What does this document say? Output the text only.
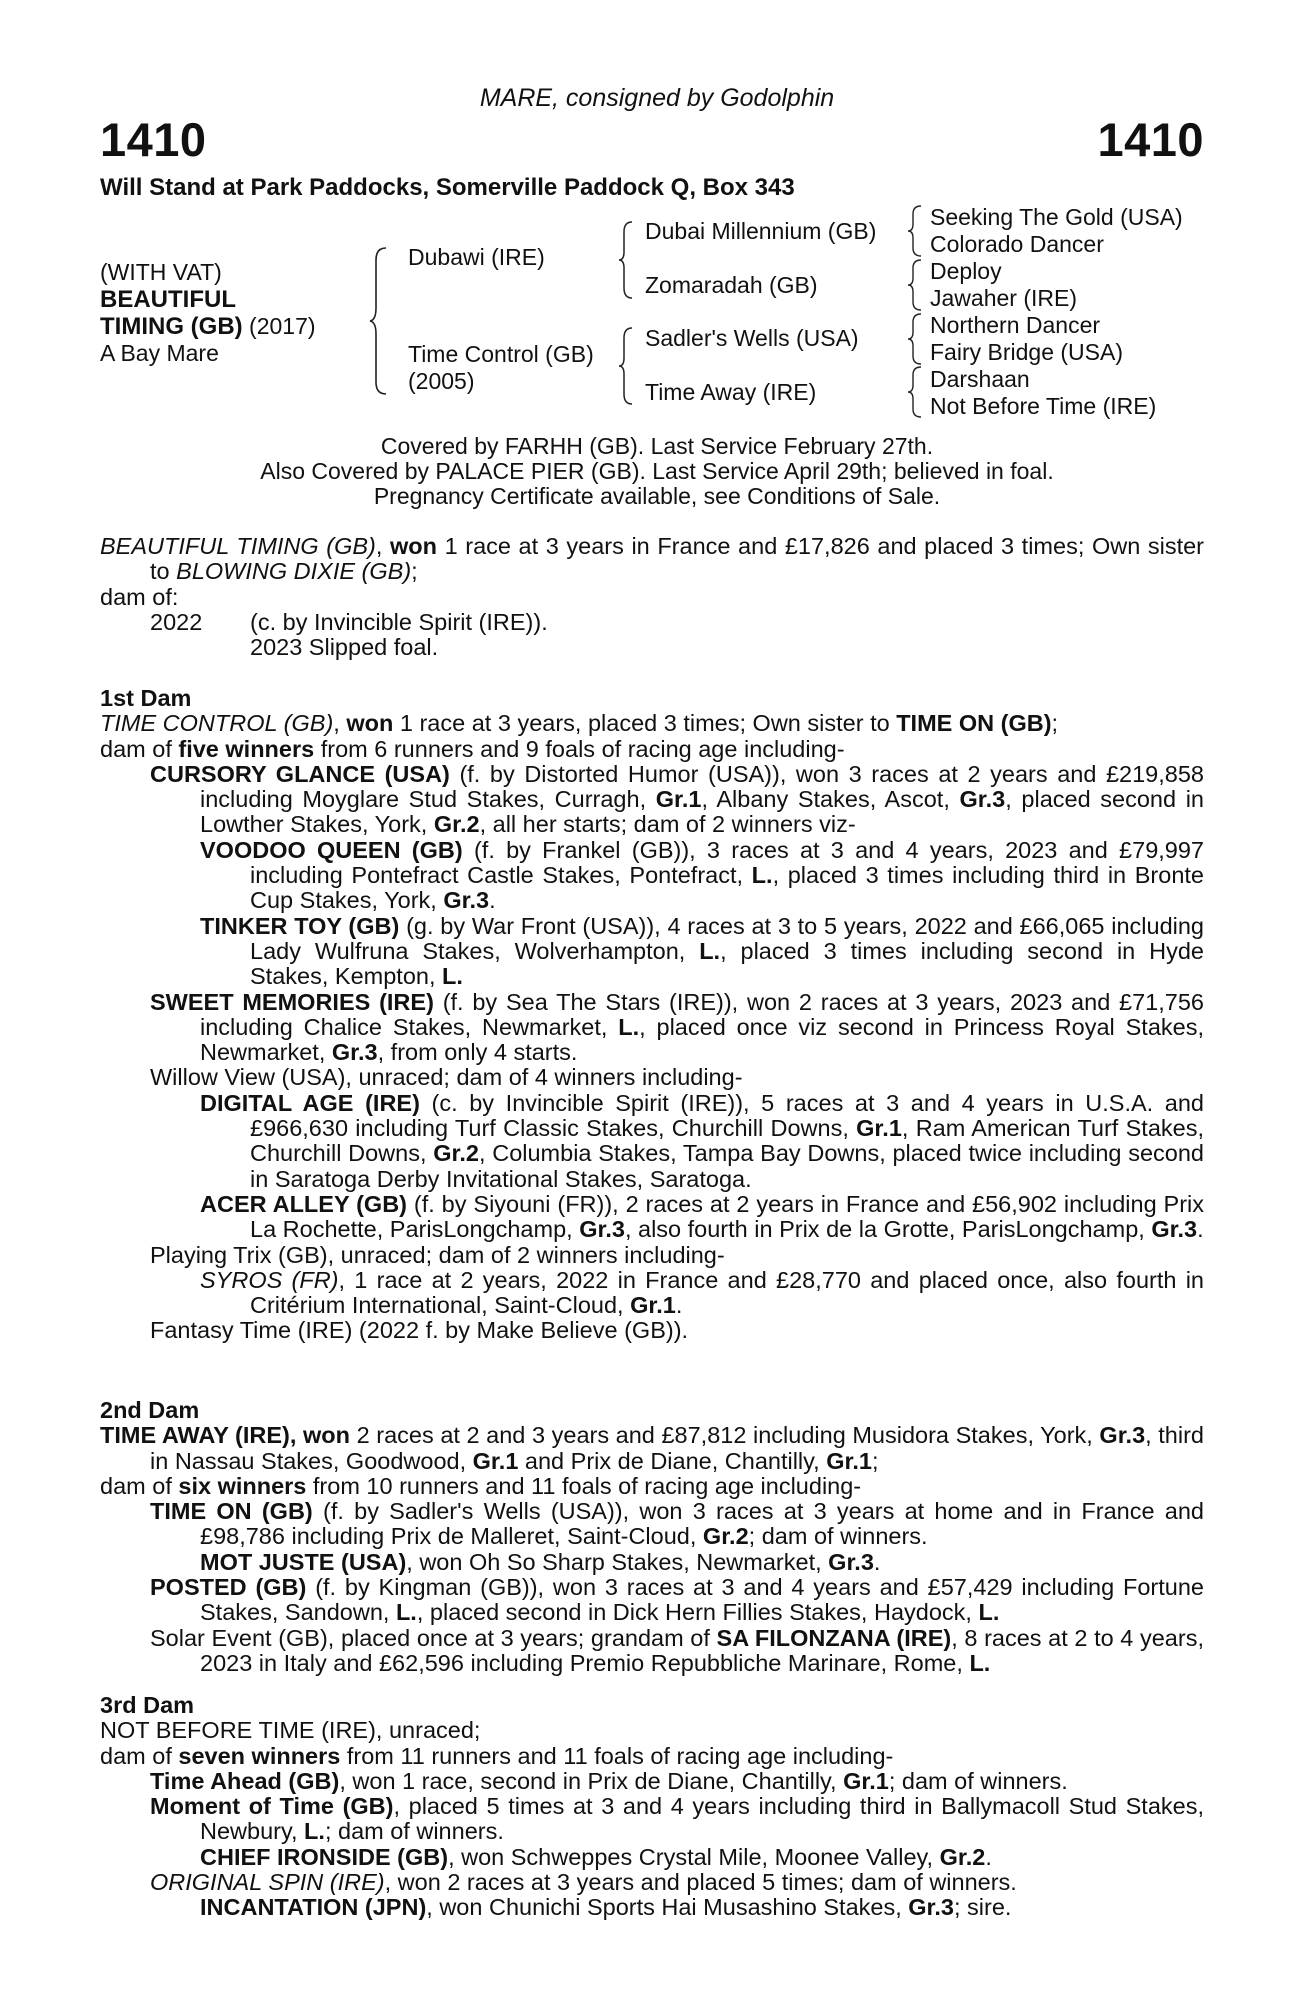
MARE, consigned by Godolphin
1410	1410
Will Stand at Park Paddocks, Somerville Paddock Q, Box 343
(WITH VAT)
BEAUTIFUL
TIMING (GB) (2017)
A Bay Mare
Dubawi (IRE)
Time Control (GB)
(2005)
Dubai Millennium (GB)
Zomaradah (GB)
Sadler's Wells (USA)
Time Away (IRE)
Seeking The Gold (USA)
Colorado Dancer
Deploy
Jawaher (IRE)
Northern Dancer
Fairy Bridge (USA)
Darshaan
Not Before Time (IRE)
Covered by FARHH (GB). Last Service February 27th.
Also Covered by PALACE PIER (GB). Last Service April 29th; believed in foal.
Pregnancy Certificate available, see Conditions of Sale.

BEAUTIFUL TIMING (GB), won 1 race at 3 years in France and £17,826 and placed 3 times; Own sister to BLOWING DIXIE (GB);

dam of:

2022	(c. by Invincible Spirit (IRE)).

2023 Slipped foal.

1st Dam

TIME CONTROL (GB), won 1 race at 3 years, placed 3 times; Own sister to TIME ON (GB);

dam of five winners from 6 runners and 9 foals of racing age including-

CURSORY GLANCE (USA) (f. by Distorted Humor (USA)), won 3 races at 2 years and £219,858 including Moyglare Stud Stakes, Curragh, Gr.1, Albany Stakes, Ascot, Gr.3, placed second in Lowther Stakes, York, Gr.2, all her starts; dam of 2 winners viz-

VOODOO QUEEN (GB) (f. by Frankel (GB)), 3 races at 3 and 4 years, 2023 and £79,997 including Pontefract Castle Stakes, Pontefract, L., placed 3 times including third in Bronte Cup Stakes, York, Gr.3.

TINKER TOY (GB) (g. by War Front (USA)), 4 races at 3 to 5 years, 2022 and £66,065 including Lady Wulfruna Stakes, Wolverhampton, L., placed 3 times including second in Hyde Stakes, Kempton, L.

SWEET MEMORIES (IRE) (f. by Sea The Stars (IRE)), won 2 races at 3 years, 2023 and £71,756 including Chalice Stakes, Newmarket, L., placed once viz second in Princess Royal Stakes, Newmarket, Gr.3, from only 4 starts.

Willow View (USA), unraced; dam of 4 winners including-

DIGITAL AGE (IRE) (c. by Invincible Spirit (IRE)), 5 races at 3 and 4 years in U.S.A. and £966,630 including Turf Classic Stakes, Churchill Downs, Gr.1, Ram American Turf Stakes, Churchill Downs, Gr.2, Columbia Stakes, Tampa Bay Downs, placed twice including second in Saratoga Derby Invitational Stakes, Saratoga.

ACER ALLEY (GB) (f. by Siyouni (FR)), 2 races at 2 years in France and £56,902 including Prix La Rochette, ParisLongchamp, Gr.3, also fourth in Prix de la Grotte, ParisLongchamp, Gr.3.

Playing Trix (GB), unraced; dam of 2 winners including-

SYROS (FR), 1 race at 2 years, 2022 in France and £28,770 and placed once, also fourth in Critérium International, Saint-Cloud, Gr.1.

Fantasy Time (IRE) (2022 f. by Make Believe (GB)).

2nd Dam

TIME AWAY (IRE), won 2 races at 2 and 3 years and £87,812 including Musidora Stakes, York, Gr.3, third in Nassau Stakes, Goodwood, Gr.1 and Prix de Diane, Chantilly, Gr.1;

dam of six winners from 10 runners and 11 foals of racing age including-

TIME ON (GB) (f. by Sadler's Wells (USA)), won 3 races at 3 years at home and in France and £98,786 including Prix de Malleret, Saint-Cloud, Gr.2; dam of winners.

MOT JUSTE (USA), won Oh So Sharp Stakes, Newmarket, Gr.3.

POSTED (GB) (f. by Kingman (GB)), won 3 races at 3 and 4 years and £57,429 including Fortune Stakes, Sandown, L., placed second in Dick Hern Fillies Stakes, Haydock, L.

Solar Event (GB), placed once at 3 years; grandam of SA FILONZANA (IRE), 8 races at 2 to 4 years, 2023 in Italy and £62,596 including Premio Repubbliche Marinare, Rome, L.

3rd Dam

NOT BEFORE TIME (IRE), unraced;

dam of seven winners from 11 runners and 11 foals of racing age including-

Time Ahead (GB), won 1 race, second in Prix de Diane, Chantilly, Gr.1; dam of winners.

Moment of Time (GB), placed 5 times at 3 and 4 years including third in Ballymacoll Stud Stakes, Newbury, L.; dam of winners.

CHIEF IRONSIDE (GB), won Schweppes Crystal Mile, Moonee Valley, Gr.2.

ORIGINAL SPIN (IRE), won 2 races at 3 years and placed 5 times; dam of winners.

INCANTATION (JPN), won Chunichi Sports Hai Musashino Stakes, Gr.3; sire.
